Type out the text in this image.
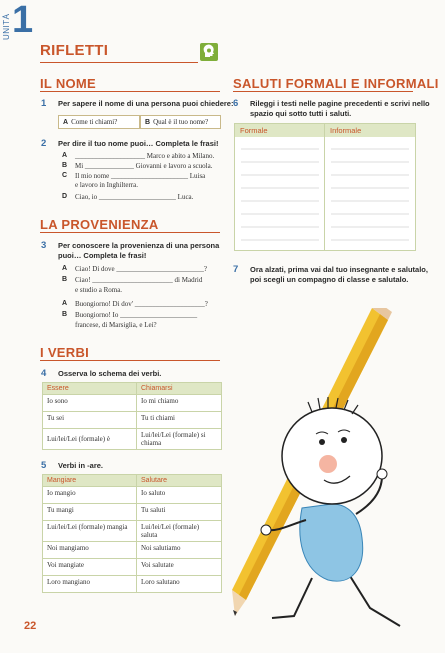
UNITÀ 1
RIFLETTI
IL NOME
1 Per sapere il nome di una persona puoi chiedere:
A Come ti chiami?	B Qual è il tuo nome?
2 Per dire il tuo nome puoi… Completa le frasi!
A ____________________ Marco e abito a Milano.
B Mi ______________ Giovanni e lavoro a scuola.
C Il mio nome ______________________ Luisa
e lavoro in Inghilterra.
D Ciao, io ______________________ Luca.
LA PROVENIENZA
3 Per conoscere la provenienza di una persona
puoi… Completa le frasi!
A Ciao! Di dove _________________________?
B Ciao! _______________________ di Madrid
e studio a Roma.
A Buongiorno! Di dov' ____________________?
B Buongiorno! Io ______________________
francese, di Marsiglia, e Lei?
I VERBI
4 Osserva lo schema dei verbi.
Essere	Chiamarsi
Io sono	Io mi chiamo
Tu sei	Tu ti chiami
Lui/lei/Lei (formale) è	Lui/lei/Lei (formale) si chiama
5 Verbi in -are.
Mangiare	Salutare
Io mangio	Io saluto
Tu mangi	Tu saluti
Lui/lei/Lei (formale) mangia	Lui/lei/Lei (formale) saluta
Noi mangiamo	Noi salutiamo
Voi mangiate	Voi salutate
Loro mangiano	Loro salutano
SALUTI FORMALI E INFORMALI
6 Rileggi i testi nelle pagine precedenti e scrivi nello
spazio qui sotto tutti i saluti.
Formale	Informale
7 Ora alzati, prima vai dal tuo insegnante e salutalo,
poi scegli un compagno di classe e salutalo.
22
